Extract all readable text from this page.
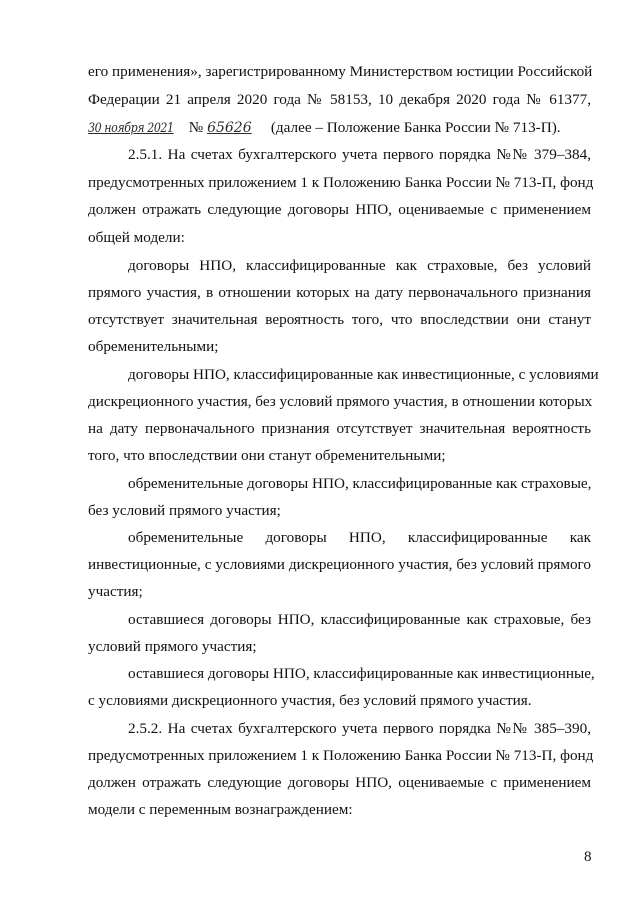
его применения», зарегистрированному Министерством юстиции Российской
Федерации 21 апреля 2020 года № 58153, 10 декабря 2020 года № 61377,
30 ноября 2021 № 65626 (далее – Положение Банка России № 713-П).
2.5.1. На счетах бухгалтерского учета первого порядка №№ 379–384,
предусмотренных приложением 1 к Положению Банка России № 713-П, фонд
должен отражать следующие договоры НПО, оцениваемые с применением
общей модели:
договоры НПО, классифицированные как страховые, без условий
прямого участия, в отношении которых на дату первоначального признания
отсутствует значительная вероятность того, что впоследствии они станут
обременительными;
договоры НПО, классифицированные как инвестиционные, с условиями
дискреционного участия, без условий прямого участия, в отношении которых
на дату первоначального признания отсутствует значительная вероятность
того, что впоследствии они станут обременительными;
обременительные договоры НПО, классифицированные как страховые,
без условий прямого участия;
обременительные договоры НПО, классифицированные как
инвестиционные, с условиями дискреционного участия, без условий прямого
участия;
оставшиеся договоры НПО, классифицированные как страховые, без
условий прямого участия;
оставшиеся договоры НПО, классифицированные как инвестиционные,
с условиями дискреционного участия, без условий прямого участия.
2.5.2. На счетах бухгалтерского учета первого порядка №№ 385–390,
предусмотренных приложением 1 к Положению Банка России № 713-П, фонд
должен отражать следующие договоры НПО, оцениваемые с применением
модели с переменным вознаграждением:
8
